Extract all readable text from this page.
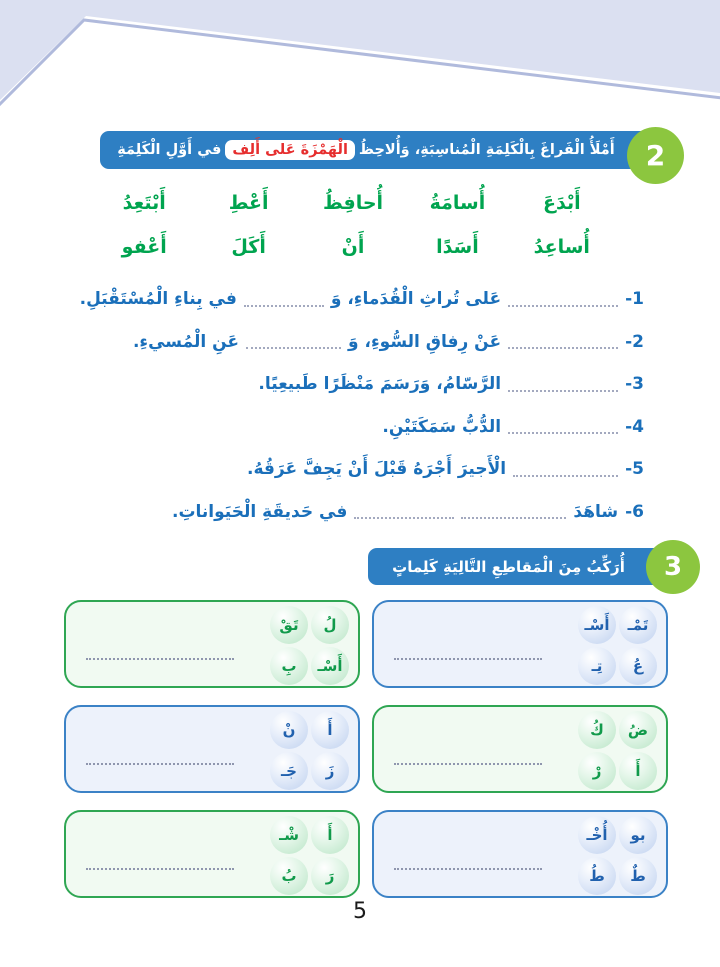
أَمْلَأُ الْفَراغَ بِالْكَلِمَةِ الْمُناسِبَةِ، وَأُلاحِظُ
الْهَمْزَةَ عَلى أَلِف
في أَوَّلِ الْكَلِمَةِ	2
أَبْدَعَ
أُسامَةُ
أُحافِظُ
أَعْطِ
أَبْتَعِدُ
أُساعِدُ
أَسَدًا
أَنْ
أَكَلَ
أَعْفو
1-
عَلى تُراثِ الْقُدَماءِ، وَ
في بِناءِ الْمُسْتَقْبَلِ.
2-
عَنْ رِفاقِ السُّوءِ، وَ
عَنِ الْمُسيءِ.
3-
الرَّسّامُ، وَرَسَمَ مَنْظَرًا طَبيعِيًا.
4-
الدُّبُّ سَمَكَتَيْنِ.
5-
الْأَجيرَ أَجْرَهُ قَبْلَ أَنْ يَجِفَّ عَرَقُهُ.
6-
شاهَدَ
في حَديقَةِ الْحَيَواناتِ.
أُرَكِّبُ مِنَ الْمَقاطِعِ التَّالِيَةِ كَلِماتٍ	3
لُ
تَقْ
أَسْـ
بِ
تَمْـ
أَسْـ
عُ
تِـ
أَ
نْ
زَ
جَـ
ضُ
كُ
أَ
رْ
أَ
شْـ
رَ
بُ
بو
أُخْـ
طٌ
طُ
5
